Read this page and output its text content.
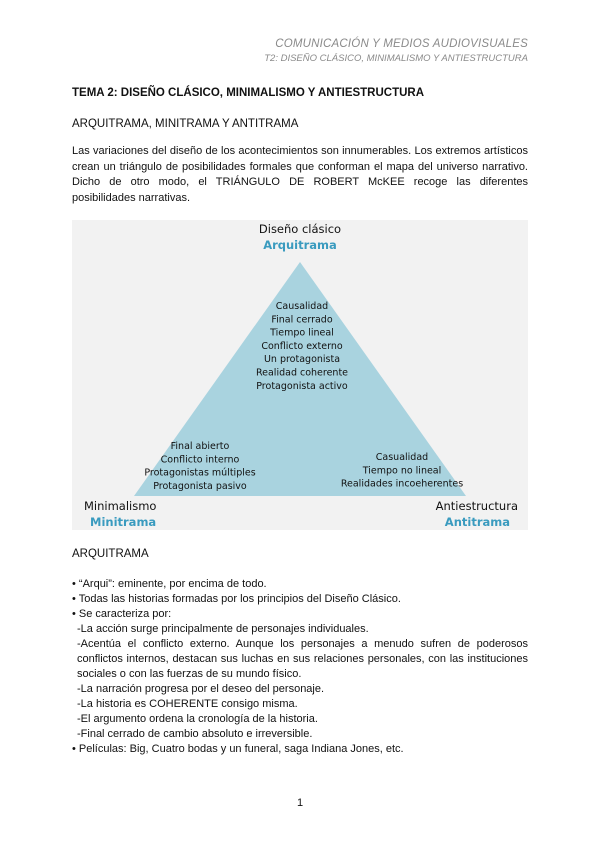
COMUNICACIÓN Y MEDIOS AUDIOVISUALES
T2: DISEÑO CLÁSICO, MINIMALISMO Y ANTIESTRUCTURA
TEMA 2: DISEÑO CLÁSICO, MINIMALISMO Y ANTIESTRUCTURA
ARQUITRAMA, MINITRAMA Y ANTITRAMA

Las variaciones del diseño de los acontecimientos son innumerables. Los extremos artísticos crean un triángulo de posibilidades formales que conforman el mapa del universo narrativo. Dicho de otro modo, el TRIÁNGULO DE ROBERT McKEE recoge las diferentes posibilidades narrativas.

Diseño clásico
Arquitrama
Minimalismo
Minitrama
Antiestructura
Antitrama
Causalidad
Final cerrado
Tiempo lineal
Conflicto externo
Un protagonista
Realidad coherente
Protagonista activo
Final abierto
Conflicto interno
Protagonistas múltiples
Protagonista pasivo
Casualidad
Tiempo no lineal
Realidades incoeherentes
ARQUITRAMA

• “Arqui”: eminente, por encima de todo.

• Todas las historias formadas por los principios del Diseño Clásico.

• Se caracteriza por:

-La acción surge principalmente de personajes individuales.

-Acentúa el conflicto externo. Aunque los personajes a menudo sufren de poderosos conflictos internos, destacan sus luchas en sus relaciones personales, con las instituciones sociales o con las fuerzas de su mundo físico.

-La narración progresa por el deseo del personaje.

-La historia es COHERENTE consigo misma.

-El argumento ordena la cronología de la historia.

-Final cerrado de cambio absoluto e irreversible.

• Películas: Big, Cuatro bodas y un funeral, saga Indiana Jones, etc.

1
